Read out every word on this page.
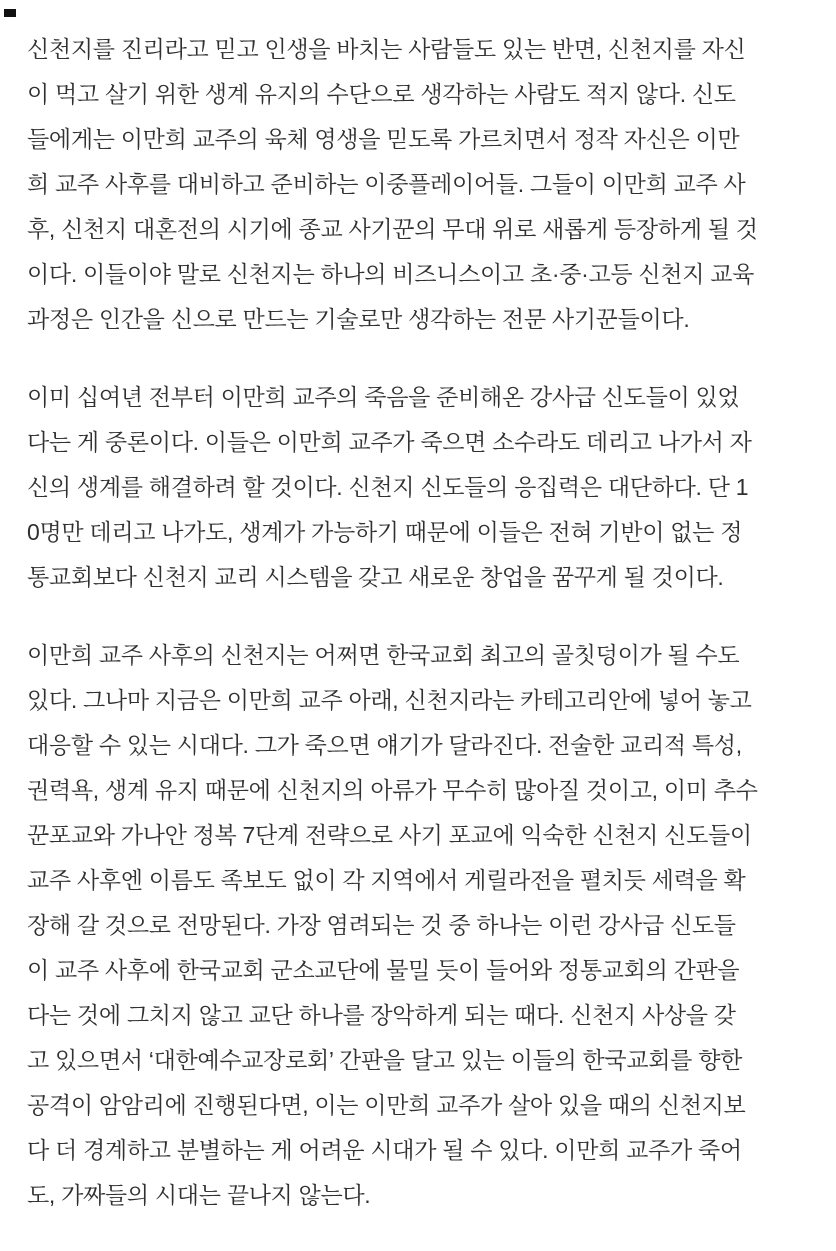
신천지를 진리라고 믿고 인생을 바치는 사람들도 있는 반면, 신천지를 자신
이 먹고 살기 위한 생계 유지의 수단으로 생각하는 사람도 적지 않다. 신도
들에게는 이만희 교주의 육체 영생을 믿도록 가르치면서 정작 자신은 이만
희 교주 사후를 대비하고 준비하는 이중플레이어들. 그들이 이만희 교주 사
후, 신천지 대혼전의 시기에 종교 사기꾼의 무대 위로 새롭게 등장하게 될 것
이다. 이들이야 말로 신천지는 하나의 비즈니스이고 초·중·고등 신천지 교육
과정은 인간을 신으로 만드는 기술로만 생각하는 전문 사기꾼들이다.
이미 십여년 전부터 이만희 교주의 죽음을 준비해온 강사급 신도들이 있었
다는 게 중론이다. 이들은 이만희 교주가 죽으면 소수라도 데리고 나가서 자
신의 생계를 해결하려 할 것이다. 신천지 신도들의 응집력은 대단하다. 단 1
0명만 데리고 나가도, 생계가 가능하기 때문에 이들은 전혀 기반이 없는 정
통교회보다 신천지 교리 시스템을 갖고 새로운 창업을 꿈꾸게 될 것이다.
이만희 교주 사후의 신천지는 어쩌면 한국교회 최고의 골칫덩이가 될 수도
있다. 그나마 지금은 이만희 교주 아래, 신천지라는 카테고리안에 넣어 놓고
대응할 수 있는 시대다. 그가 죽으면 얘기가 달라진다. 전술한 교리적 특성,
권력욕, 생계 유지 때문에 신천지의 아류가 무수히 많아질 것이고, 이미 추수
꾼포교와 가나안 정복 7단계 전략으로 사기 포교에 익숙한 신천지 신도들이
교주 사후엔 이름도 족보도 없이 각 지역에서 게릴라전을 펼치듯 세력을 확
장해 갈 것으로 전망된다. 가장 염려되는 것 중 하나는 이런 강사급 신도들
이 교주 사후에 한국교회 군소교단에 물밀 듯이 들어와 정통교회의 간판을
다는 것에 그치지 않고 교단 하나를 장악하게 되는 때다. 신천지 사상을 갖
고 있으면서 ‘대한예수교장로회’ 간판을 달고 있는 이들의 한국교회를 향한
공격이 암암리에 진행된다면, 이는 이만희 교주가 살아 있을 때의 신천지보
다 더 경계하고 분별하는 게 어려운 시대가 될 수 있다. 이만희 교주가 죽어
도, 가짜들의 시대는 끝나지 않는다.
